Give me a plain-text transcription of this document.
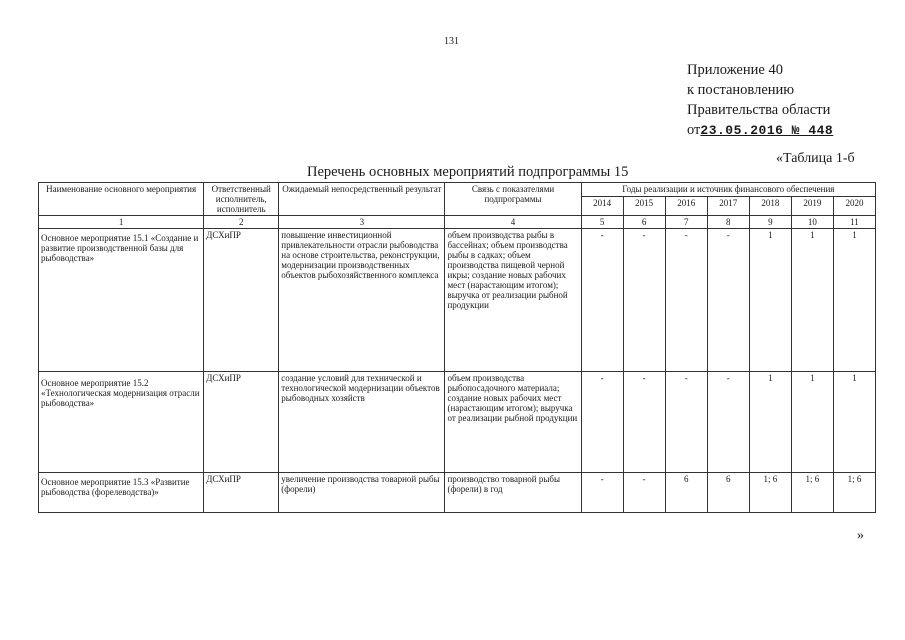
131
Приложение 40
к постановлению
Правительства области
от23.05.2016 № 448
«Таблица 1-б
Перечень основных мероприятий подпрограммы 15
Наименование основного мероприятия	Ответственный исполнитель, исполнитель	Ожидаемый непосредственный результат	Связь с показателями подпрограммы	Годы реализации и источник финансового обеспечения						
				2014	2015	2016	2017	2018	2019	2020
1	2	3	4	5	6	7	8	9	10	11
Основное мероприятие 15.1 «Создание и развитие производственной базы для рыбоводства»	ДСХиПР	повышение инвестиционной привлекательности отрасли рыбоводства на основе строительства, реконструкции, модернизации производственных объектов рыбохозяйственного комплекса	объем производства рыбы в бассейнах; объем производства рыбы в садках; объем производства пищевой черной икры; создание новых рабочих мест (нарастающим итогом); выручка от реализации рыбной продукции	-	-	-	-	1	1	1
Основное мероприятие 15.2 «Технологическая модернизация отрасли рыбоводства»	ДСХиПР	создание условий для технической и технологической модернизации объектов рыбоводных хозяйств	объем производства рыбопосадочного материала; создание новых рабочих мест (нарастающим итогом); выручка от реализации рыбной продукции	-	-	-	-	1	1	1
Основное мероприятие 15.3 «Развитие рыбоводства (форелеводства)»	ДСХиПР	увеличение производства товарной рыбы (форели)	производство товарной рыбы (форели) в год	-	-	6	6	1; 6	1; 6	1; 6
»
